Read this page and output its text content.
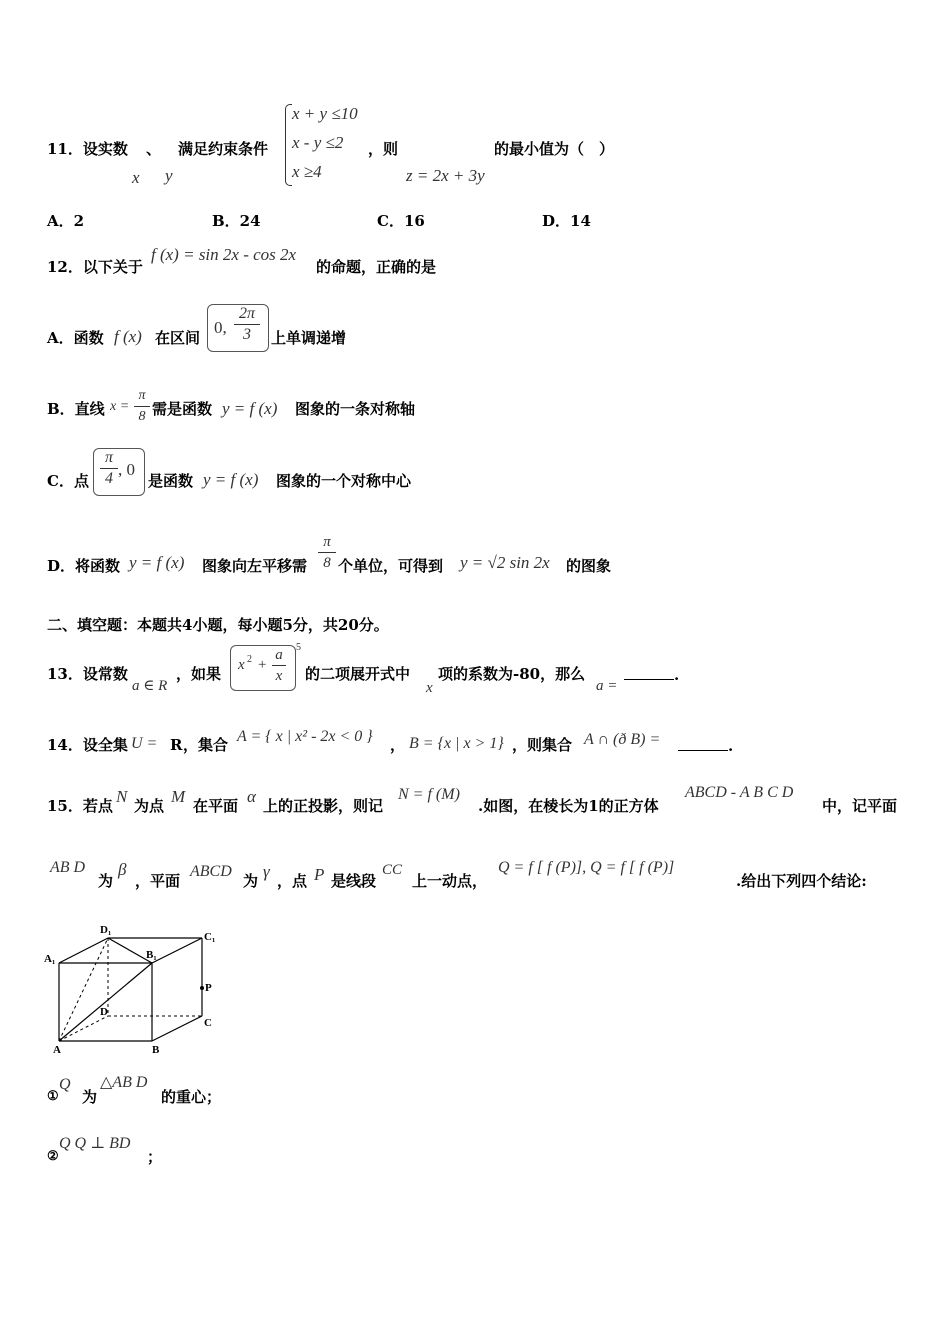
11．设实数 、 满足约束条件
x y
x + y ≤10
x - y ≤2
x ≥4
，则
z = 2x + 3y
的最小值为（　）
A．2	B．24	C．16	D．14
12．以下关于
f (x) = sin 2x - cos 2x
的命题，正确的是
A．函数 f (x) 在区间
0,
2π
3	上单调递增
B．直线 x =
π
8 需是函数 y = f (x) 图象的一条对称轴
C．点
π
4 , 0
是函数 y = f (x) 图象的一个对称中心
D．将函数 y = f (x) 图象向左平移需
π
8 个单位，可得到 y = √2 sin 2x 的图象
二、填空题：本题共4小题，每小题5分，共20分。
13．设常数
a ∈ R
，如果 x 2 +
a
x
5
的二项展开式中
x
项的系数为-80，那么
a =
.
14．设全集 U = R ，集合 A = { x | x² - 2x < 0 } ， B = {x | x > 1} ，则集合 A ∩ (ð B) =	.
15．若点 N 为点 M 在平面 α 上的正投影，则记
N = f (M)
.如图，在棱长为1的正方体
ABCD - A B C D
中，记平面
AB D
为
β
，平面
ABCD
为 γ ，点 P 是线段
CC
上一动点，
Q = f [ f (P)], Q = f [ f (P)]
.给出下列四个结论:
D₁
C₁
A₁	B₁
P
D
C
A	B
①
Q
为
△AB D
的重心；
②
Q Q ⊥ BD
；
